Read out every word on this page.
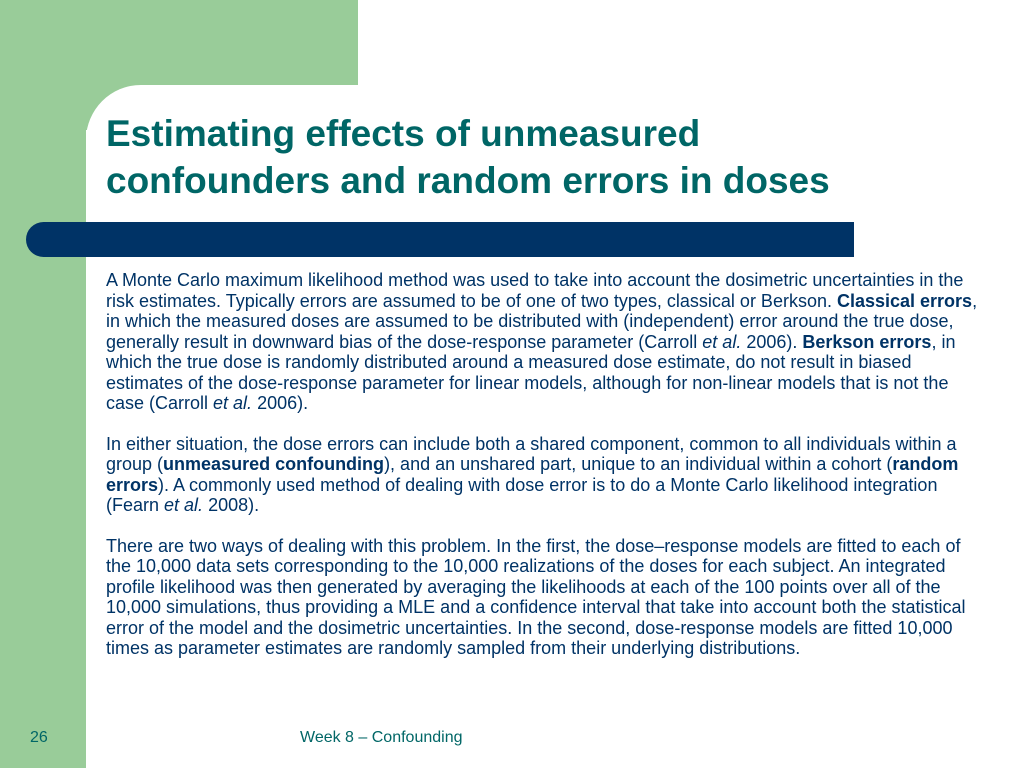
Estimating effects of unmeasured
confounders and random errors in doses

A Monte Carlo maximum likelihood method was used to take into account the dosimetric uncertainties in the risk estimates. Typically errors are assumed to be of one of two types, classical or Berkson. Classical errors, in which the measured doses are assumed to be distributed with (independent) error around the true dose, generally result in downward bias of the dose-response parameter (Carroll et al. 2006). Berkson errors, in which the true dose is randomly distributed around a measured dose estimate, do not result in biased estimates of the dose-response parameter for linear models, although for non-linear models that is not the case (Carroll et al. 2006).

In either situation, the dose errors can include both a shared component, common to all individuals within a group (unmeasured confounding), and an unshared part, unique to an individual within a cohort (random errors). A commonly used method of dealing with dose error is to do a Monte Carlo likelihood integration (Fearn et al. 2008).

There are two ways of dealing with this problem. In the first, the dose–response models are fitted to each of the 10,000 data sets corresponding to the 10,000 realizations of the doses for each subject. An integrated profile likelihood was then generated by averaging the likelihoods at each of the 100 points over all of the 10,000 simulations, thus providing a MLE and a confidence interval that take into account both the statistical error of the model and the dosimetric uncertainties. In the second, dose-response models are fitted 10,000 times as parameter estimates are randomly sampled from their underlying distributions.

26	Week 8 – Confounding
